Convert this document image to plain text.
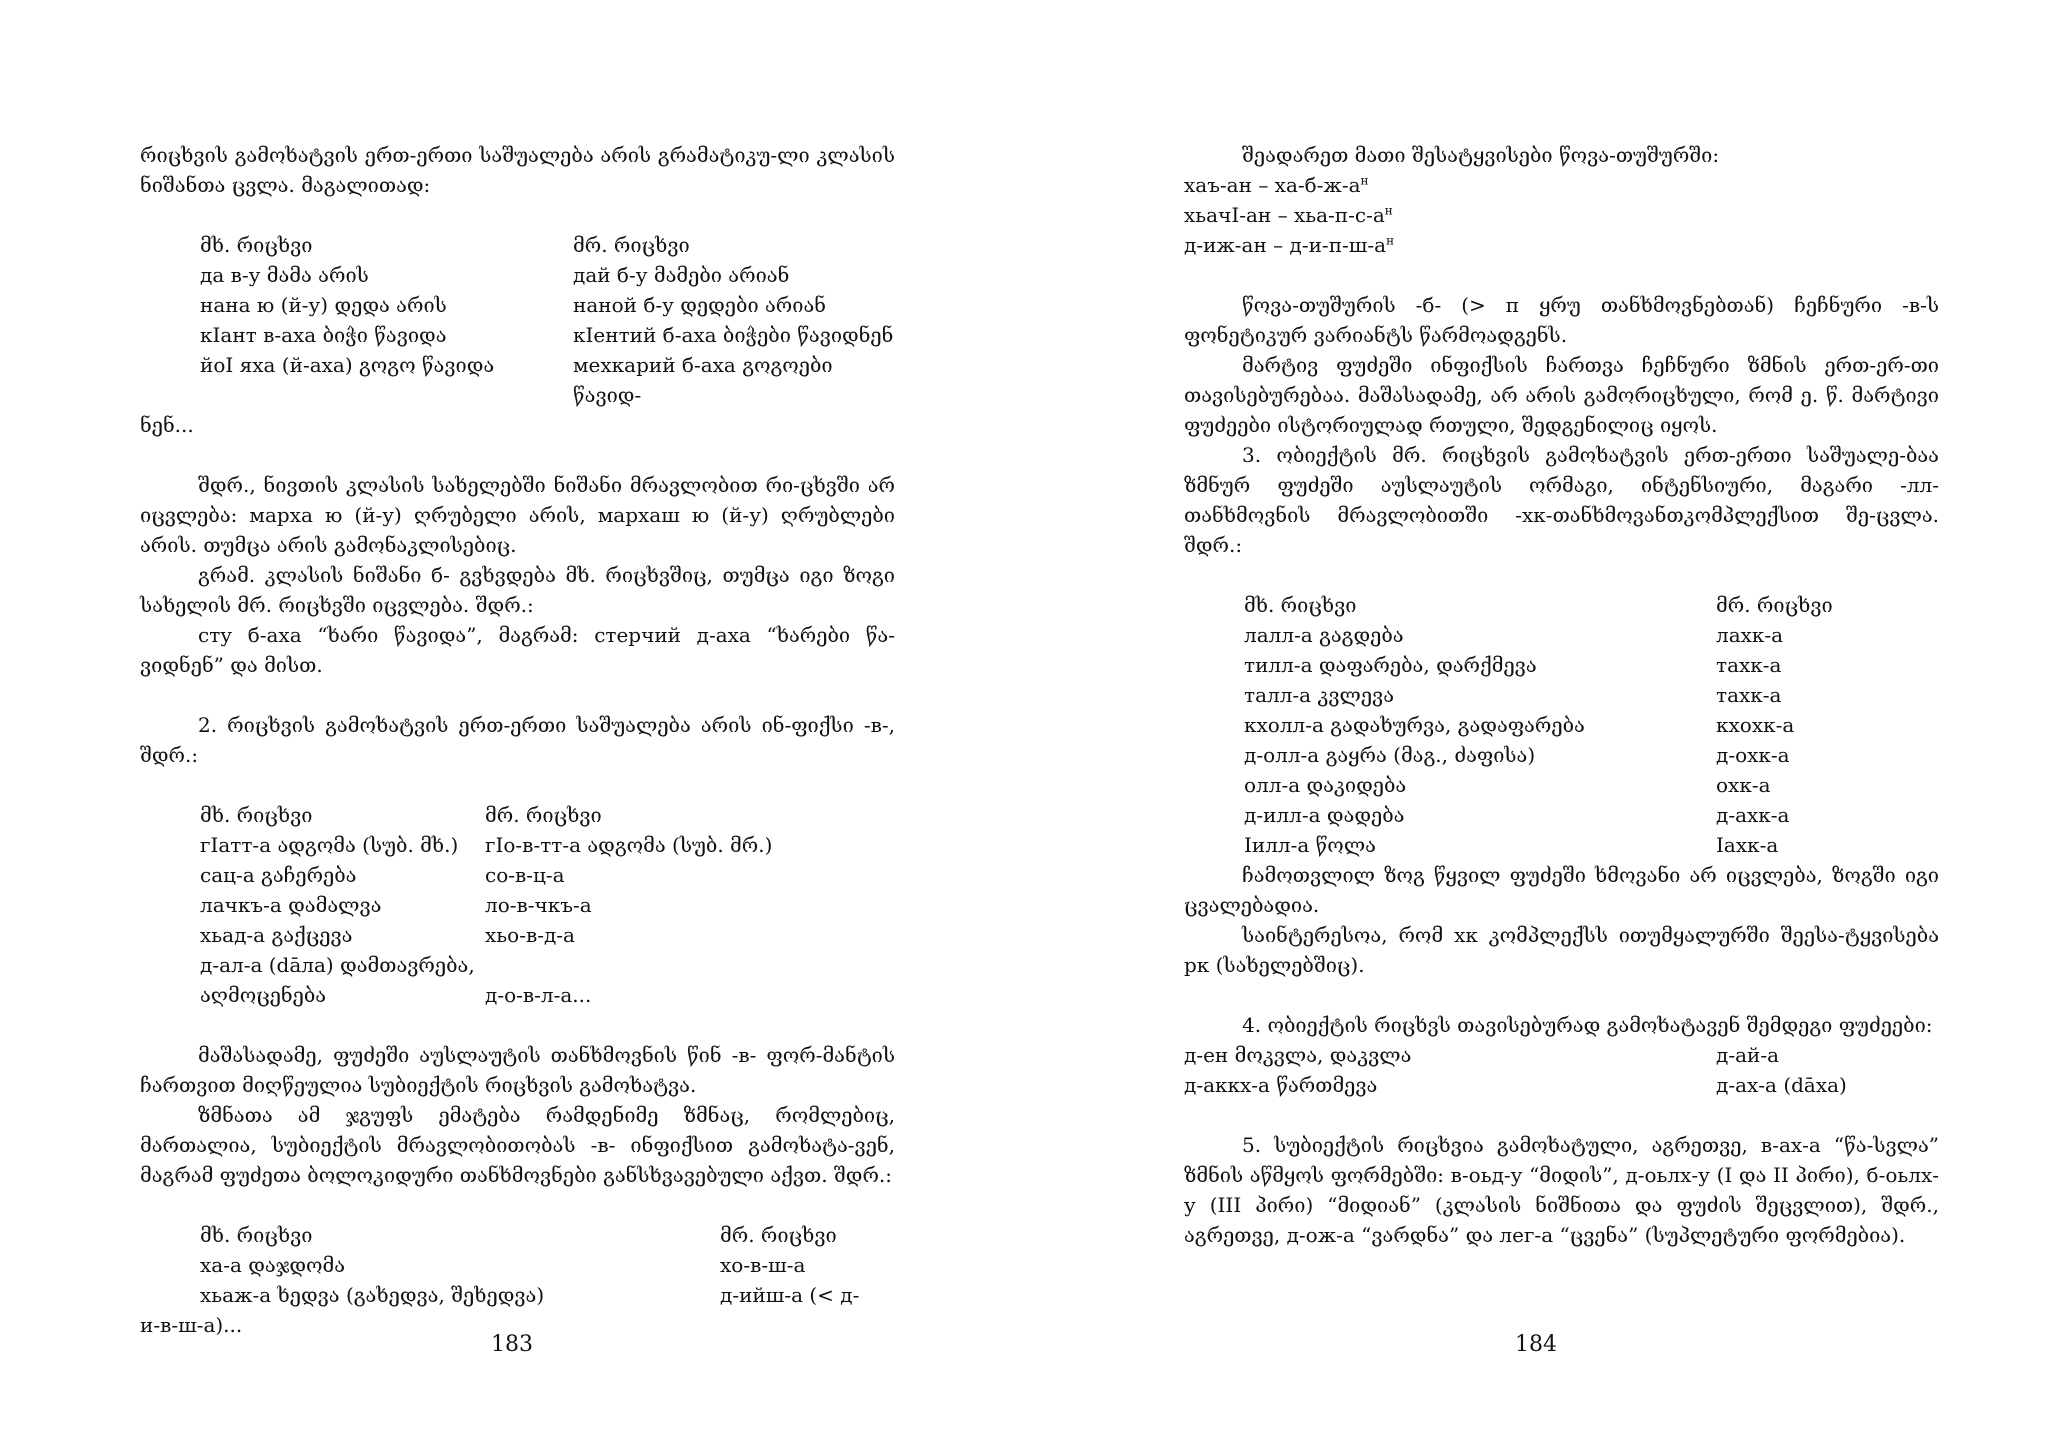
რიცხვის გამოხატვის ერთ-ერთი საშუალება არის გრამატიკუ-ლი კლასის ნიშანთა ცვლა. მაგალითად:

	მხ. რიცხვი	მრ. რიცხვი
	да в-у მამა არის	дай б-у მამები არიან
	нана ю (й-у) დედა არის	наной б-у დედები არიან
	кIант в-аха ბიჭი წავიდა	кIентий б-аха ბიჭები წავიდნენ
	йоI яха (й-аха) გოგო წავიდა	мехкарий б-аха გოგოები წავიდ-
ნენ...		

შდრ., ნივთის კლასის სახელებში ნიშანი მრავლობით რი-ცხვში არ იცვლება: мархa ю (й-у) ღრუბელი არის, мархаш ю (й-у) ღრუბლები არის. თუმცა არის გამონაკლისებიც.

გრამ. კლასის ნიშანი б- გვხვდება მხ. რიცხვშიც, თუმცა იგი ზოგი სახელის მრ. რიცხვში იცვლება. შდრ.:

сту б-аха “ხარი წავიდა”, მაგრამ: стерчий д-аха “ხარები წა-ვიდნენ” და მისთ.

2. რიცხვის გამოხატვის ერთ-ერთი საშუალება არის ინ-ფიქსი -в-, შდრ.:

	მხ. რიცხვი	მრ. რიცხვი
	гIатт-а ადგომა (სუბ. მხ.)	гIо-в-тт-а ადგომა (სუბ. მრ.)
	сац-а გაჩერება	со-в-ц-а
	лачкъ-а დამალვა	ло-в-чкъ-а
	хьад-а გაქცევა	хьо-в-д-а
	д-ал-а (dāла) დამთავრება,	
	აღმოცენება	д-о-в-л-а...

მაშასადამე, ფუძეში აუსლაუტის თანხმოვნის წინ -в- ფორ-მანტის ჩართვით მიღწეულია სუბიექტის რიცხვის გამოხატვა.

ზმნათა ამ ჯგუფს ემატება რამდენიმე ზმნაც, რომლებიც, მართალია, სუბიექტის მრავლობითობას -в- ინფიქსით გამოხატა-ვენ, მაგრამ ფუძეთა ბოლოკიდური თანხმოვნები განსხვავებული აქვთ. შდრ.:

	მხ. რიცხვი	მრ. რიცხვი
	ха-а დაჯდომა	хо-в-ш-а
	хьаж-а ხედვა (გახედვა, შეხედვა)	д-ийш-а (< д-
и-в-ш-а)...		
183

შეადარეთ მათი შესატყვისები წოვა-თუშურში:

$хаъ-ан - ха-б-ж-а^н$
хьачI-ан – хьа-$п-с-а^н$
$д-иж-ан - д-и-п-ш-а^н$

წოვა-თუშურის -б- (> п ყრუ თანხმოვნებთან) ჩეჩნური -в-ს ფონეტიკურ ვარიანტს წარმოადგენს.

მარტივ ფუძეში ინფიქსის ჩართვა ჩეჩნური ზმნის ერთ-ერ-თი თავისებურებაა. მაშასადამე, არ არის გამორიცხული, რომ ე. წ. მარტივი ფუძეები ისტორიულად რთული, შედგენილიც იყოს.

3. ობიექტის მრ. რიცხვის გამოხატვის ერთ-ერთი საშუალე-ბაა ზმნურ ფუძეში აუსლაუტის ორმაგი, ინტენსიური, მაგარი -лл- თანხმოვნის მრავლობითში -хк-თანხმოვანთკომპლექსით შე-ცვლა. შდრ.:

	მხ. რიცხვი	მრ. რიცხვი
	лалл-а გაგდება	лахк-а
	тилл-а დაფარება, დარქმევა	тахк-а
	талл-а კვლევა	тахк-а
	кхолл-а გადახურვა, გადაფარება	кхохк-а
	д-олл-а გაყრა (მაგ., ძაფისა)	д-охк-а
	олл-а დაკიდება	охк-а
	д-илл-а დადება	д-ахк-а
	Iилл-а წოლა	Iахк-а

ჩამოთვლილ ზოგ წყვილ ფუძეში ხმოვანი არ იცვლება, ზოგში იგი ცვალებადია.

საინტერესოა, რომ хк კომპლექსს ითუმყალურში შეესა-ტყვისება рк (სახელებშიც).

4. ობიექტის რიცხვს თავისებურად გამოხატავენ შემდეგი ფუძეები:

д-ен მოკვლა, დაკვლა	д-ай-а
д-аккх-а წართმევა	д-ах-а (dāха)

5. სუბიექტის რიცხვია გამოხატული, აგრეთვე, в-ах-а “წა-სვლა” ზმნის აწმყოს ფორმებში: в-оьд-у “მიდის”, д-оьлх-у (I და II პირი), б-оьлх-у (III პირი) “მიდიან” (კლასის ნიშნითა და ფუძის შეცვლით), შდრ., აგრეთვე, д-ож-а “ვარდნა” და лег-а “ცვენა” (სუპლეტური ფორმებია).

184
